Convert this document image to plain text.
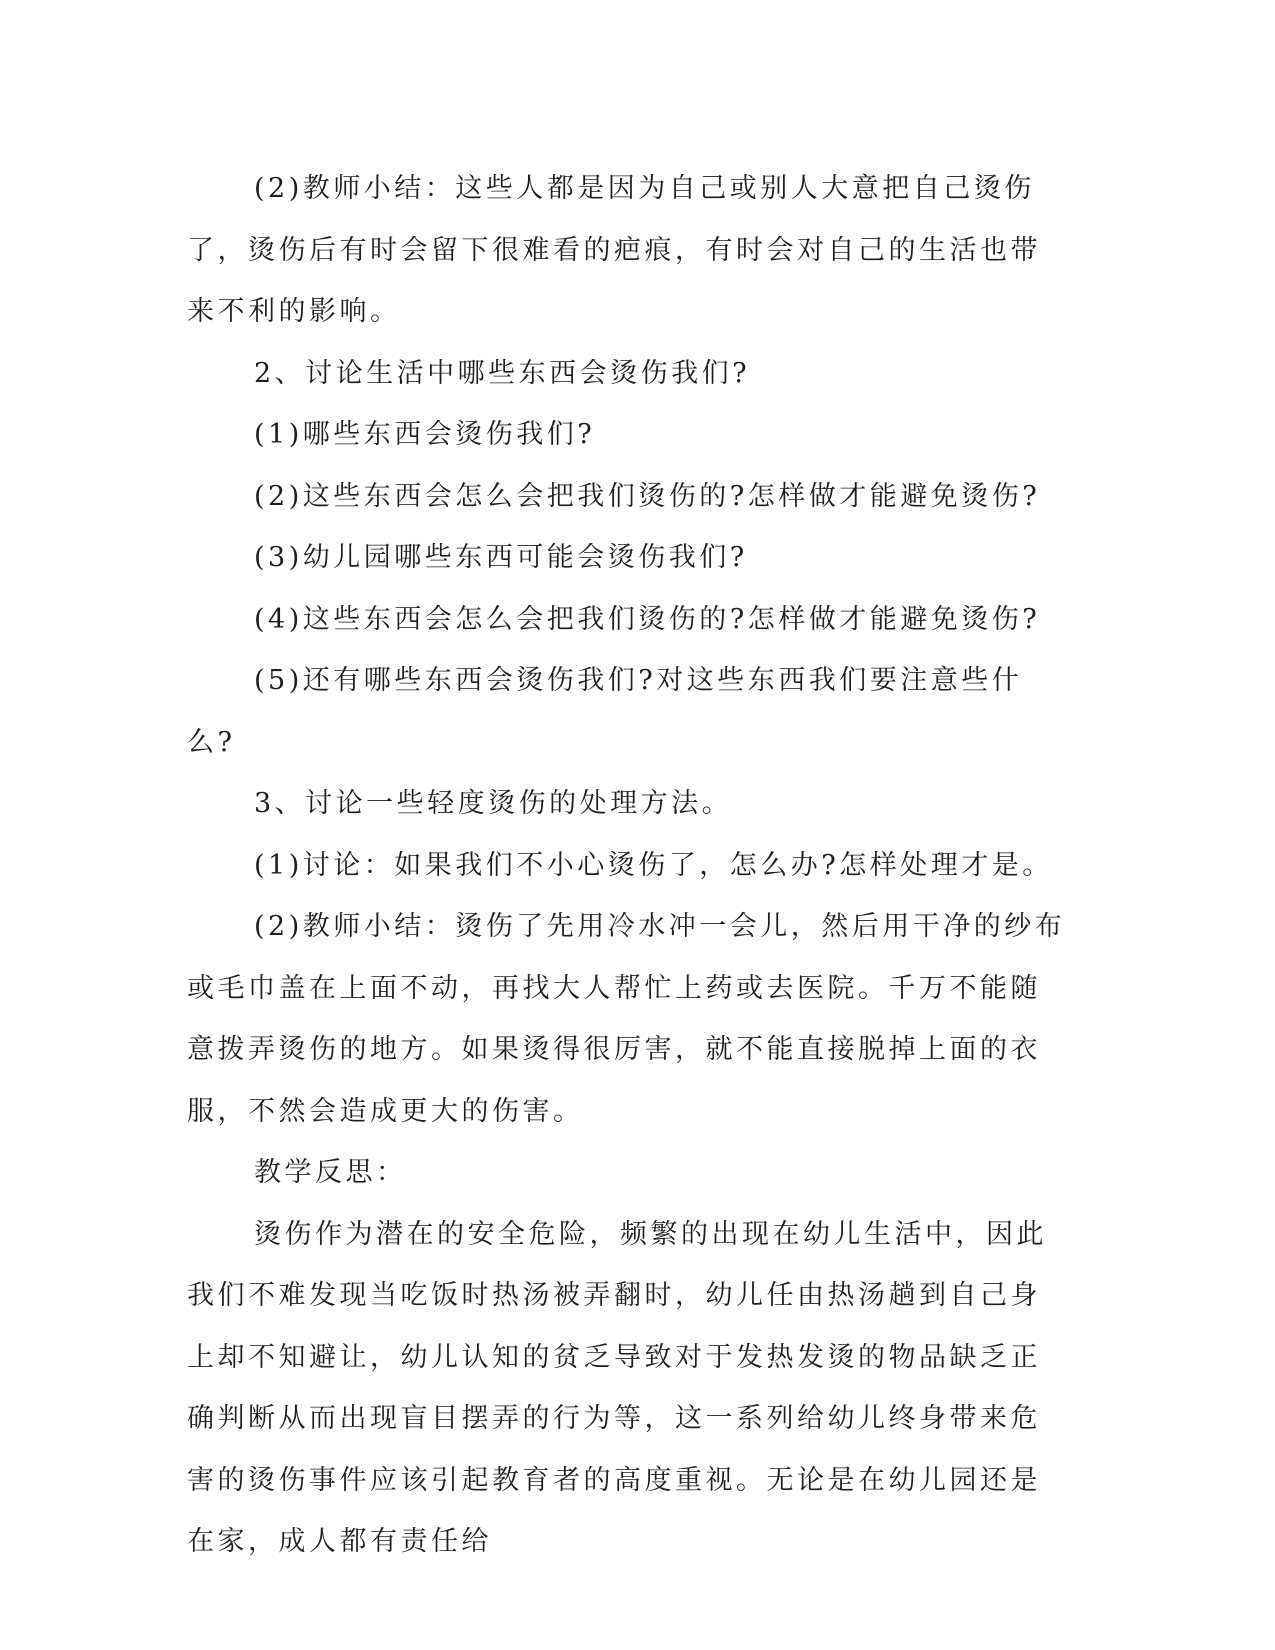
(2)教师小结：这些人都是因为自己或别人大意把自己烫伤了，烫伤后有时会留下很难看的疤痕，有时会对自己的生活也带来不利的影响。

2、讨论生活中哪些东西会烫伤我们?

(1)哪些东西会烫伤我们?

(2)这些东西会怎么会把我们烫伤的?怎样做才能避免烫伤?

(3)幼儿园哪些东西可能会烫伤我们?

(4)这些东西会怎么会把我们烫伤的?怎样做才能避免烫伤?

(5)还有哪些东西会烫伤我们?对这些东西我们要注意些什么?

3、讨论一些轻度烫伤的处理方法。

(1)讨论：如果我们不小心烫伤了，怎么办?怎样处理才是。

(2)教师小结：烫伤了先用冷水冲一会儿，然后用干净的纱布或毛巾盖在上面不动，再找大人帮忙上药或去医院。千万不能随意拨弄烫伤的地方。如果烫得很厉害，就不能直接脱掉上面的衣服，不然会造成更大的伤害。

教学反思：

烫伤作为潜在的安全危险，频繁的出现在幼儿生活中，因此我们不难发现当吃饭时热汤被弄翻时，幼儿任由热汤趟到自己身上却不知避让，幼儿认知的贫乏导致对于发热发烫的物品缺乏正确判断从而出现盲目摆弄的行为等，这一系列给幼儿终身带来危害的烫伤事件应该引起教育者的高度重视。无论是在幼儿园还是在家，成人都有责任给
